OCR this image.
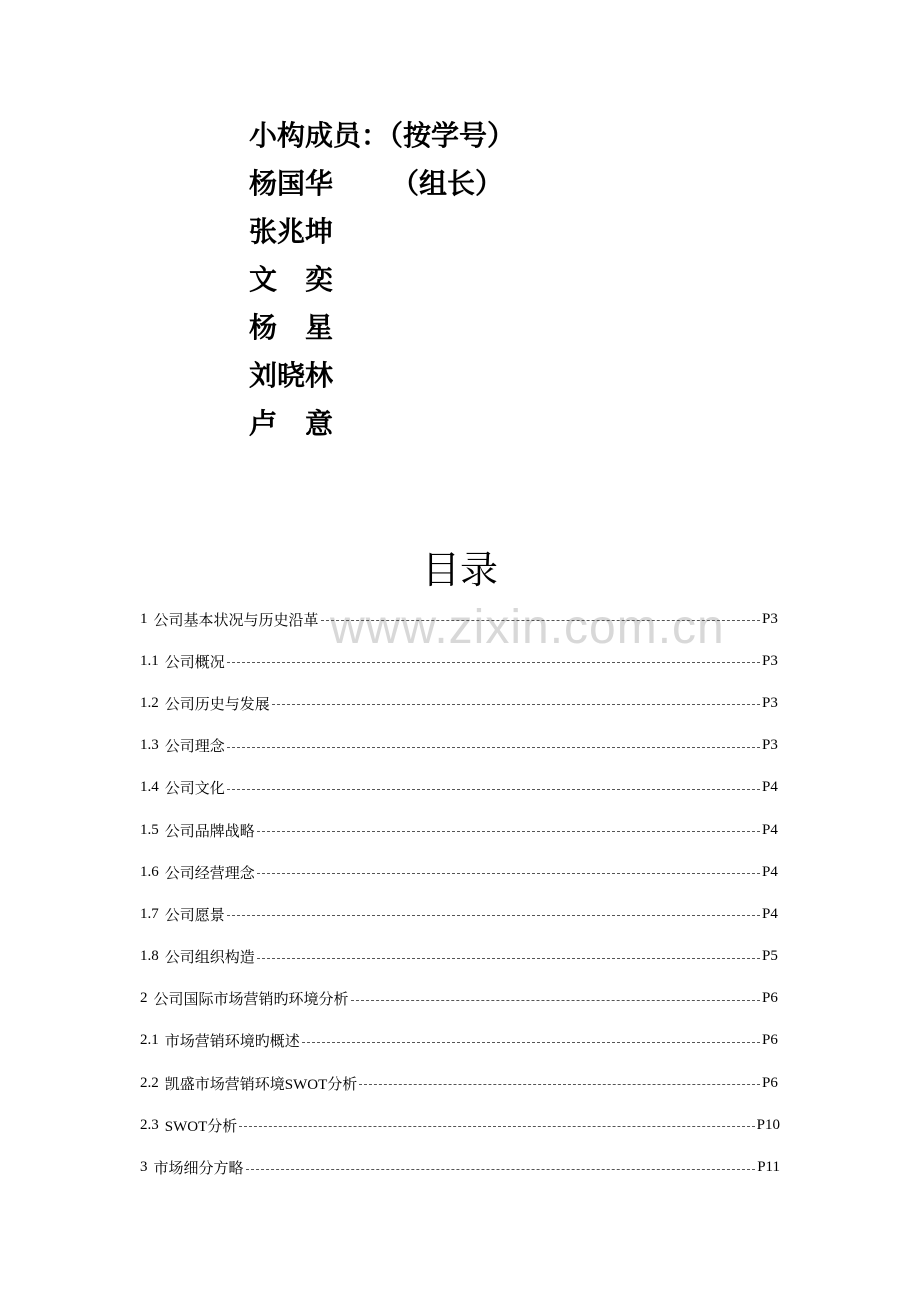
小构成员：（按学号）
杨国华 （组长）
张兆坤
文 奕
杨 星
刘晓林
卢 意
目录
www.zixin.com.cn
1 公司基本状况与历史沿革	P3
1.1 公司概况	P3
1.2 公司历史与发展	P3
1.3 公司理念	P3
1.4 公司文化	P4
1.5 公司品牌战略	P4
1.6 公司经营理念	P4
1.7 公司愿景	P4
1.8 公司组织构造	P5
2 公司国际市场营销旳环境分析	P6
2.1 市场营销环境旳概述	P6
2.2 凯盛市场营销环境SWOT分析	P6
2.3 SWOT分析	P10
3 市场细分方略	P11
